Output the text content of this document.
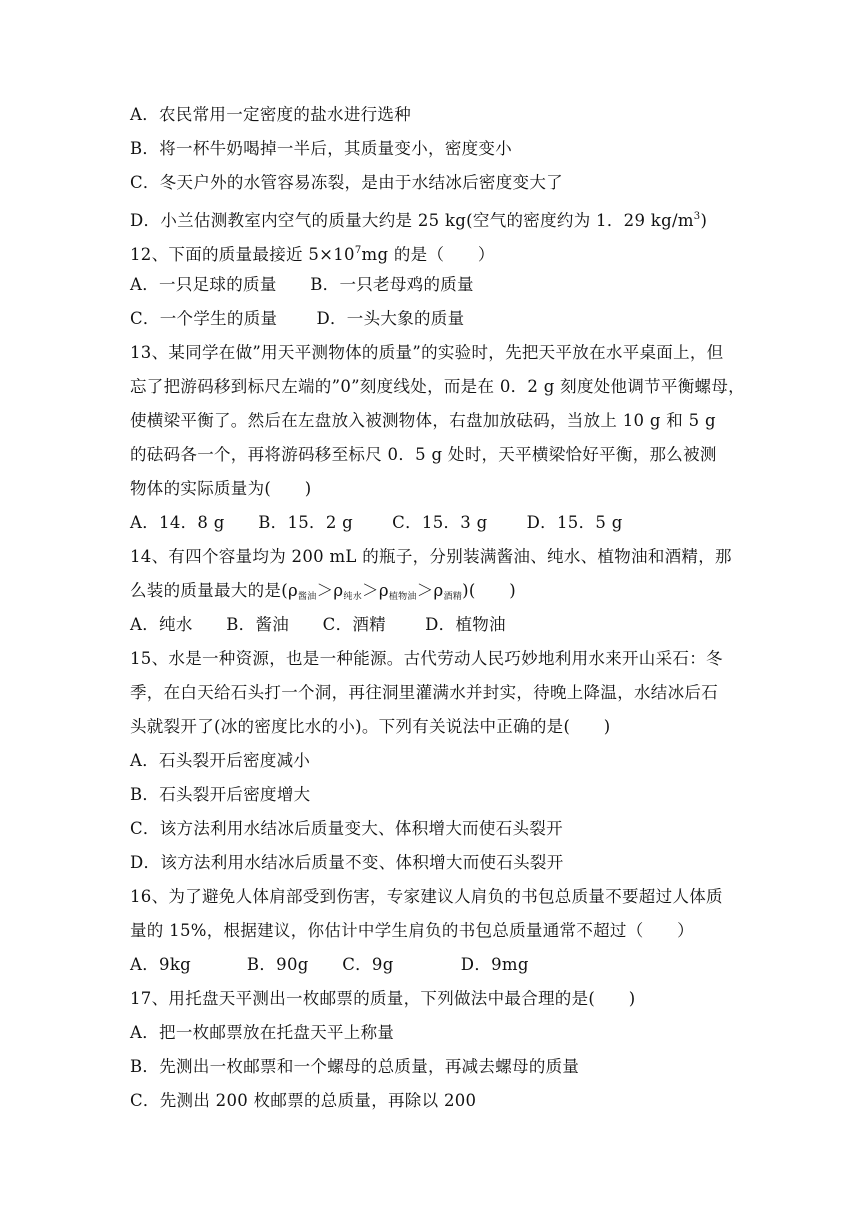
A．农民常用一定密度的盐水进行选种
B．将一杯牛奶喝掉一半后，其质量变小，密度变小
C．冬天户外的水管容易冻裂，是由于水结冰后密度变大了
D．小兰估测教室内空气的质量大约是 25 kg(空气的密度约为 1．29 $kg/m^3$)
12、下面的质量最接近 $5\times 10^7mg$ 的是（　　）
A．一只足球的质量　　B．一只老母鸡的质量
C．一个学生的质量　　 D．一头大象的质量
13、某同学在做”用天平测物体的质量”的实验时，先把天平放在水平桌面上，但
忘了把游码移到标尺左端的”0”刻度线处，而是在 0．2 g 刻度处他调节平衡螺母，
使横梁平衡了。然后在左盘放入被测物体，右盘加放砝码，当放上 10 g 和 5 g
的砝码各一个，再将游码移至标尺 0．5 g 处时，天平横梁恰好平衡，那么被测
物体的实际质量为(　　)
A．14．8 g　　B．15．2 g　　 C．15．3 g　　 D．15．5 g
14、有四个容量均为 200 mL 的瓶子，分别装满酱油、纯水、植物油和酒精，那
么装的质量最大的是$(\rho_{酱油}>\rho_{纯水}>\rho_{植物油}>\rho_{酒精})$(　　)
A．纯水　　B．酱油　　C．酒精　　 D．植物油
15、水是一种资源，也是一种能源。古代劳动人民巧妙地利用水来开山采石：冬
季，在白天给石头打一个洞，再往洞里灌满水并封实，待晚上降温，水结冰后石
头就裂开了(冰的密度比水的小)。下列有关说法中正确的是(　　)
A．石头裂开后密度减小
B．石头裂开后密度增大
C．该方法利用水结冰后质量变大、体积增大而使石头裂开
D．该方法利用水结冰后质量不变、体积增大而使石头裂开
16、为了避免人体肩部受到伤害，专家建议人肩负的书包总质量不要超过人体质
量的 15%，根据建议，你估计中学生肩负的书包总质量通常不超过（　　）
A．9kg　　　 B．90g　　C．9g　　　　D．9mg
17、用托盘天平测出一枚邮票的质量，下列做法中最合理的是(　　)
A．把一枚邮票放在托盘天平上称量
B．先测出一枚邮票和一个螺母的总质量，再减去螺母的质量
C．先测出 200 枚邮票的总质量，再除以 200
